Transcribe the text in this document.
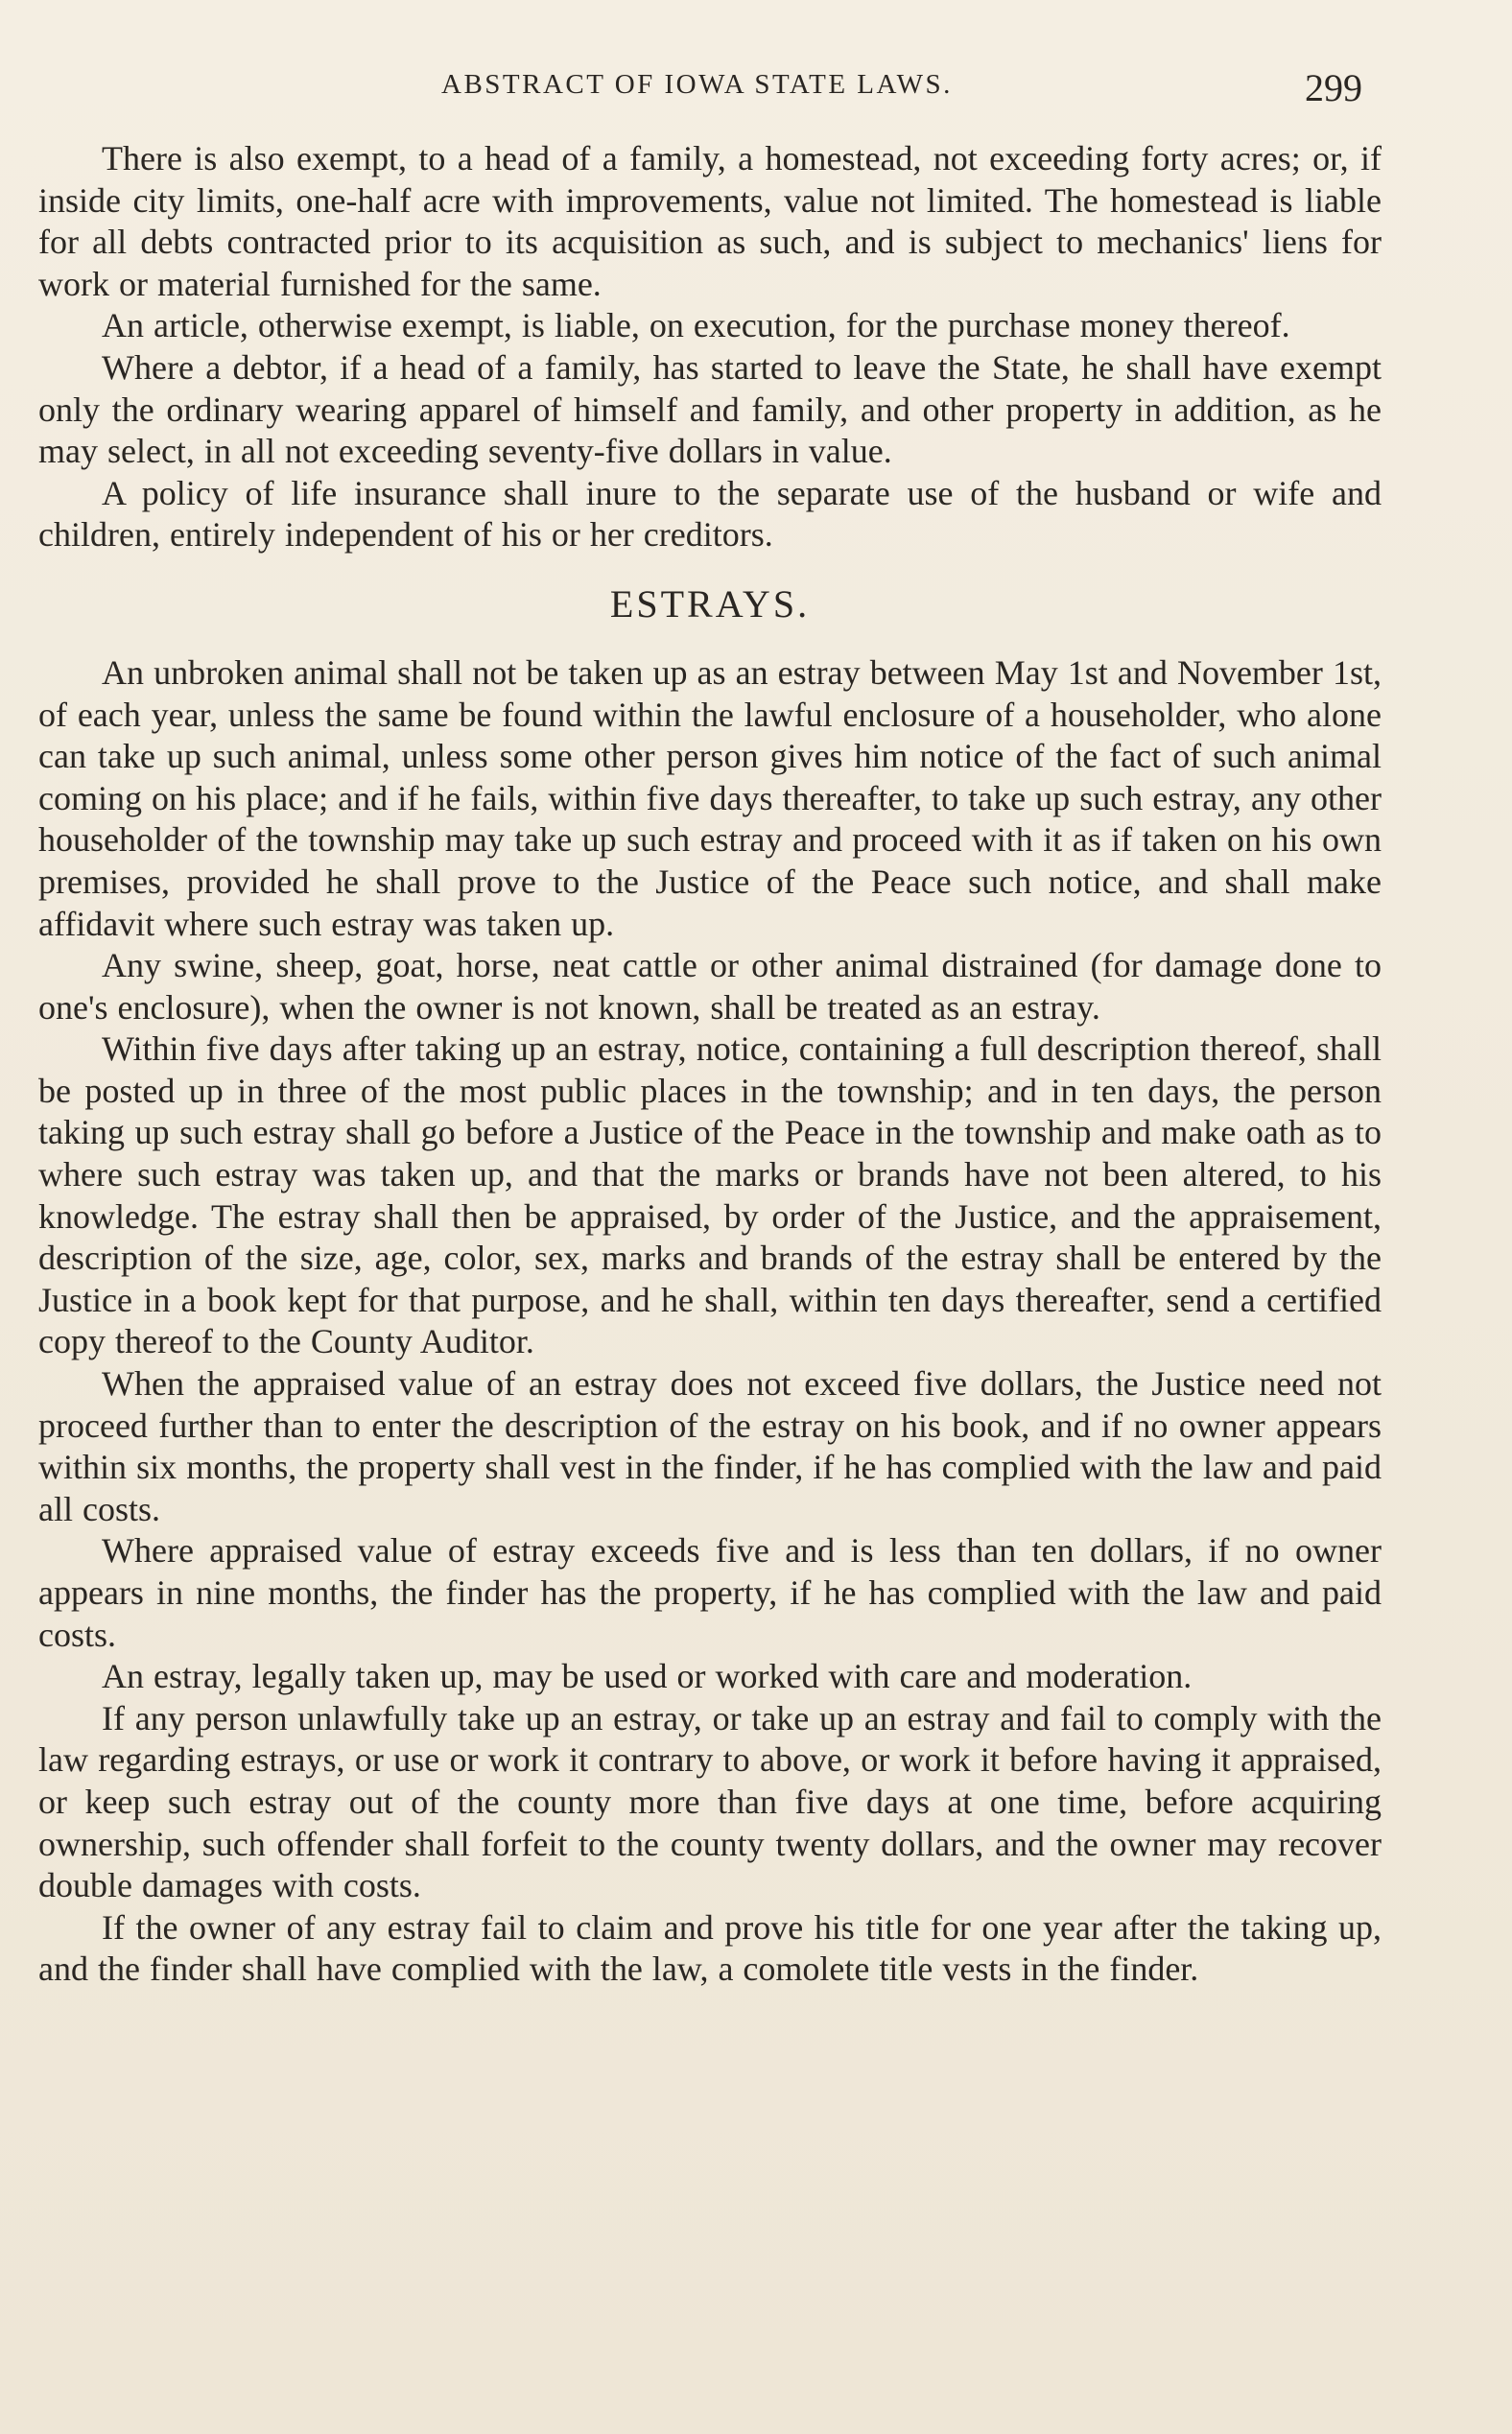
ABSTRACT OF IOWA STATE LAWS.	299

There is also exempt, to a head of a family, a homestead, not exceeding forty acres; or, if inside city limits, one-half acre with improvements, value not limited. The homestead is liable for all debts contracted prior to its acquisition as such, and is subject to mechanics' liens for work or material furnished for the same.

An article, otherwise exempt, is liable, on execution, for the purchase money thereof.

Where a debtor, if a head of a family, has started to leave the State, he shall have exempt only the ordinary wearing apparel of himself and family, and other property in addition, as he may select, in all not exceeding seventy-five dollars in value.

A policy of life insurance shall inure to the separate use of the husband or wife and children, entirely independent of his or her creditors.

ESTRAYS.

An unbroken animal shall not be taken up as an estray between May 1st and November 1st, of each year, unless the same be found within the lawful enclosure of a householder, who alone can take up such animal, unless some other person gives him notice of the fact of such animal coming on his place; and if he fails, within five days thereafter, to take up such estray, any other householder of the township may take up such estray and proceed with it as if taken on his own premises, provided he shall prove to the Justice of the Peace such notice, and shall make affidavit where such estray was taken up.

Any swine, sheep, goat, horse, neat cattle or other animal distrained (for damage done to one's enclosure), when the owner is not known, shall be treated as an estray.

Within five days after taking up an estray, notice, containing a full description thereof, shall be posted up in three of the most public places in the township; and in ten days, the person taking up such estray shall go before a Justice of the Peace in the township and make oath as to where such estray was taken up, and that the marks or brands have not been altered, to his knowledge. The estray shall then be appraised, by order of the Justice, and the appraisement, description of the size, age, color, sex, marks and brands of the estray shall be entered by the Justice in a book kept for that purpose, and he shall, within ten days thereafter, send a certified copy thereof to the County Auditor.

When the appraised value of an estray does not exceed five dollars, the Justice need not proceed further than to enter the description of the estray on his book, and if no owner appears within six months, the property shall vest in the finder, if he has complied with the law and paid all costs.

Where appraised value of estray exceeds five and is less than ten dollars, if no owner appears in nine months, the finder has the property, if he has complied with the law and paid costs.

An estray, legally taken up, may be used or worked with care and moderation.

If any person unlawfully take up an estray, or take up an estray and fail to comply with the law regarding estrays, or use or work it contrary to above, or work it before having it appraised, or keep such estray out of the county more than five days at one time, before acquiring ownership, such offender shall forfeit to the county twenty dollars, and the owner may recover double damages with costs.

If the owner of any estray fail to claim and prove his title for one year after the taking up, and the finder shall have complied with the law, a comolete title vests in the finder.
